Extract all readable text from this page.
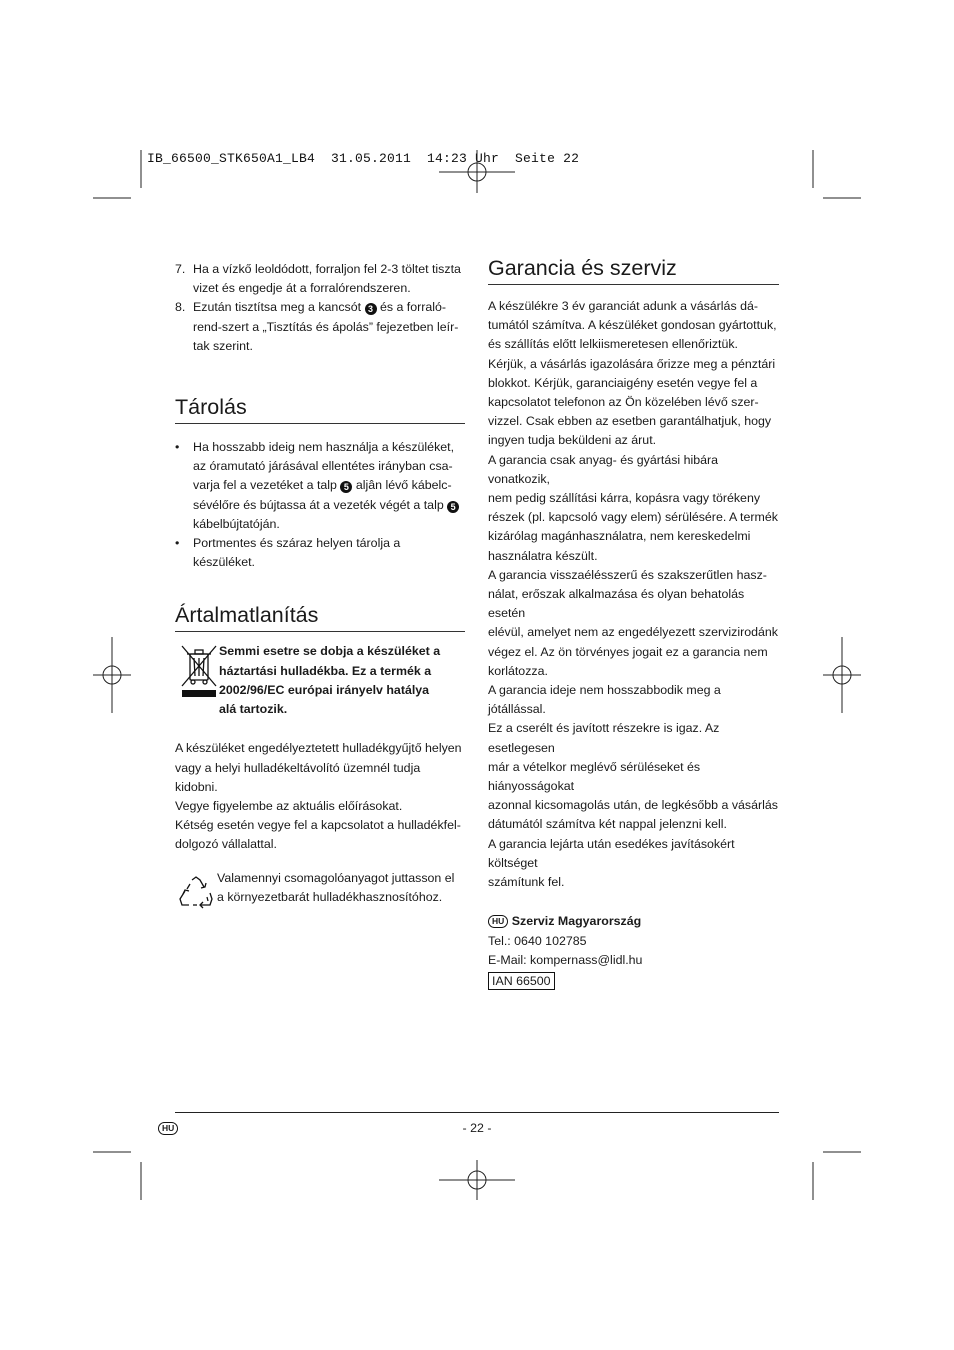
IB_66500_STK650A1_LB4  31.05.2011  14:23 Uhr  Seite 22
7. Ha a vízkő leoldódott, forraljon fel 2-3 töltet tiszta
vizet és engedje át a forralórendszeren.

8. Ezután tisztítsa meg a kancsót 3 és a forraló-
rend-szert a „Tisztítás és ápolás” fejezetben leír-
tak szerint.

Tárolás
• Ha hosszabb ideig nem használja a készüléket,
az óramutató járásával ellentétes irányban csa-
varja fel a vezetéket a talp 5 aljân lévő kábelc-
sévélőre és bújtassa át a vezeték végét a talp 5
kábelbújtatóján.

• Portmentes és száraz helyen tárolja a készüléket.

Ártalmatlanítás

Semmi esetre se dobja a készüléket a
háztartási hulladékba. Ez a termék a
2002/96/EC európai irányelv hatálya
alá tartozik.

A készüléket engedélyeztetett hulladékgyűjtő helyen
vagy a helyi hulladékeltávolító üzemnél tudja kidobni.
Vegye figyelembe az aktuális előírásokat.
Kétség esetén vegye fel a kapcsolatot a hulladékfel-
dolgozó vállalattal.

Valamennyi csomagolóanyagot juttasson el
a környezetbarát hulladékhasznosítóhoz.

Garancia és szerviz

A készülékre 3 év garanciát adunk a vásárlás dá-
tumától számítva. A készüléket gondosan gyártottuk,
és szállítás előtt lelkiismeretesen ellenőriztük.
Kérjük, a vásárlás igazolására őrizze meg a pénztári
blokkot. Kérjük, garanciaigény esetén vegye fel a
kapcsolatot telefonon az Ön közelében lévő szer-
vizzel. Csak ebben az esetben garantálhatjuk, hogy
ingyen tudja beküldeni az árut.
A garancia csak anyag- és gyártási hibára vonatkozik,
nem pedig szállítási kárra, kopásra vagy törékeny
részek (pl. kapcsoló vagy elem) sérülésére. A termék
kizárólag magánhasználatra, nem kereskedelmi
használatra készült.
A garancia visszaélésszerű és szakszerűtlen hasz-
nálat, erőszak alkalmazása és olyan behatolás esetén
elévül, amelyet nem az engedélyezett szervizirodánk
végez el. Az ön törvényes jogait ez a garancia nem
korlátozza.
A garancia ideje nem hosszabbodik meg a jótállással.
Ez a cserélt és javított részekre is igaz. Az esetlegesen
már a vételkor meglévő sérüléseket és hiányosságokat
azonnal kicsomagolás után, de legkésőbb a vásárlás
dátumától számítva két nappal jelenzni kell.
A garancia lejárta után esedékes javításokért költséget
számítunk fel.

HU Szerviz Magyarország
Tel.: 0640 102785
E-Mail: kompernass@lidl.hu
IAN 66500
HU	- 22 -
